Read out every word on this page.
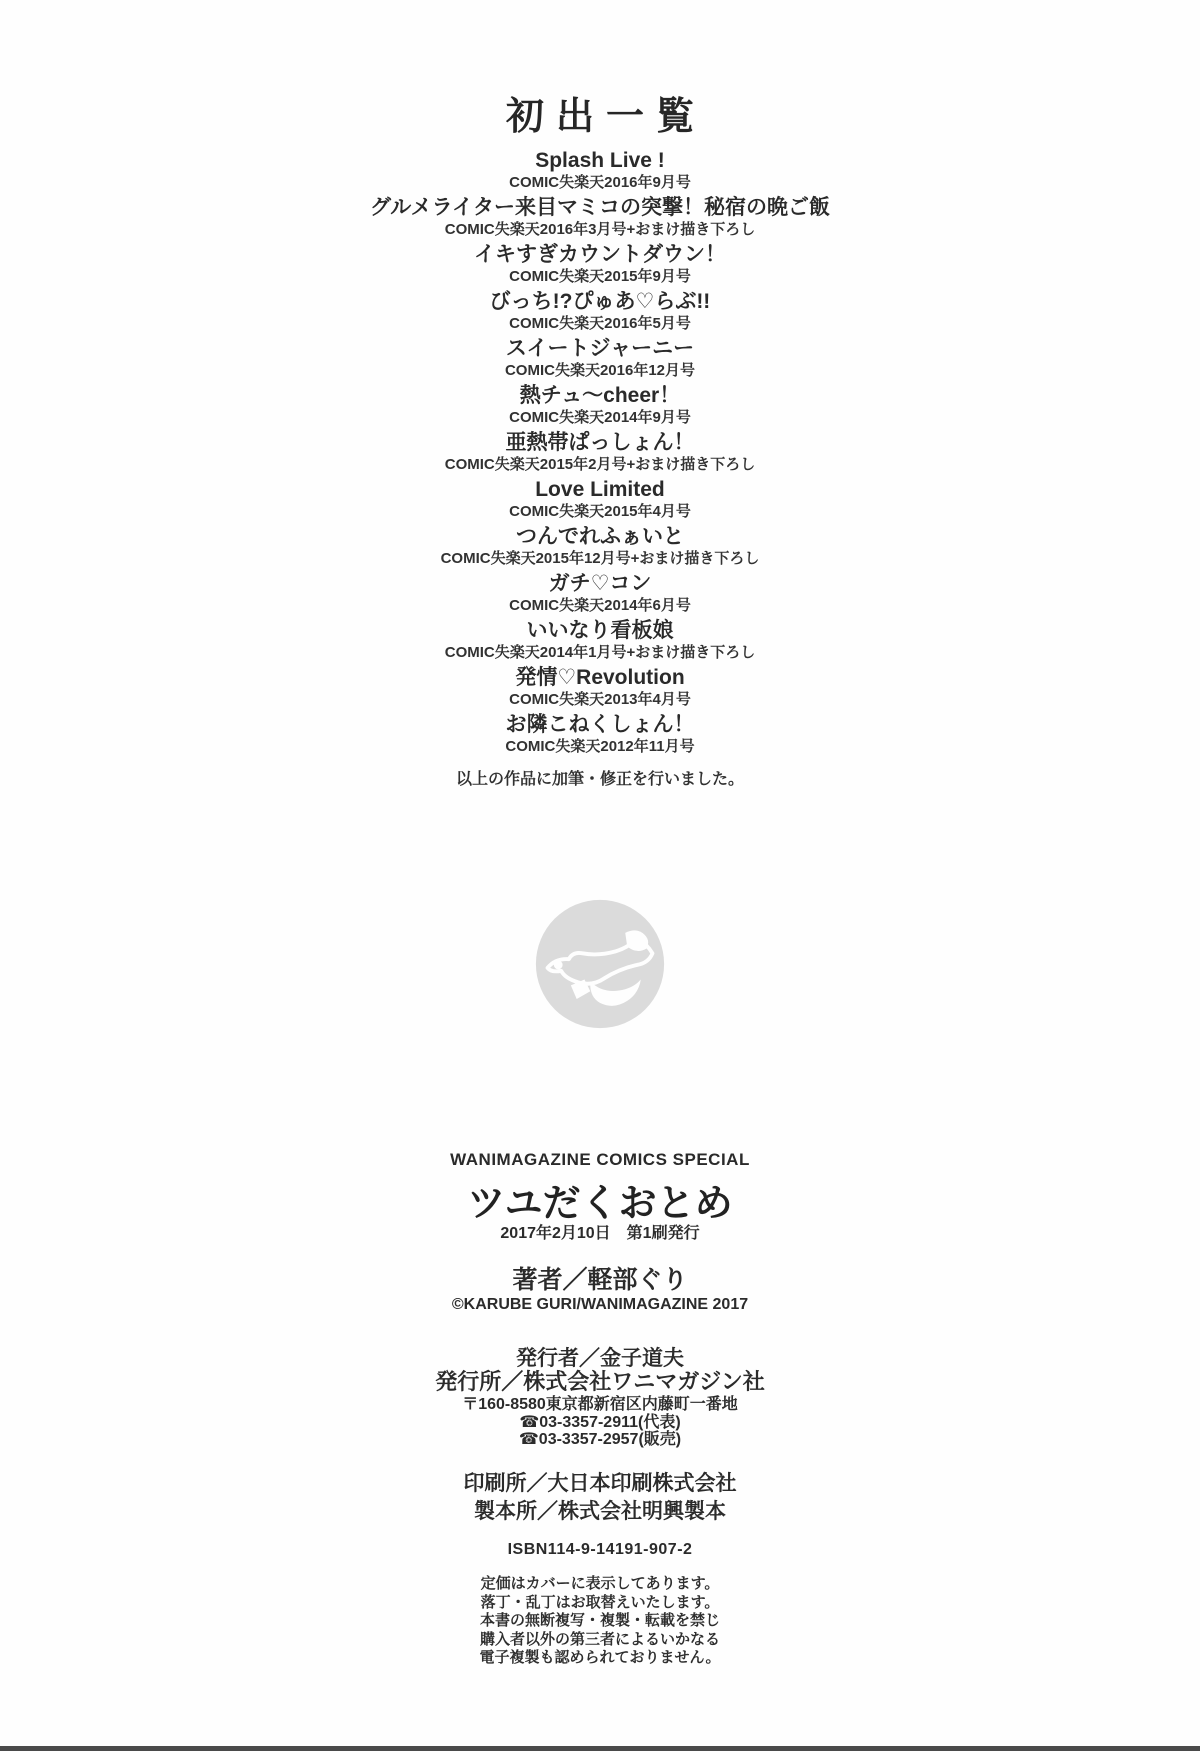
初出一覧
Splash Live !
COMIC失楽天2016年9月号
グルメライター来目マミコの突撃！秘宿の晩ご飯
COMIC失楽天2016年3月号+おまけ描き下ろし
イキすぎカウントダウン！
COMIC失楽天2015年9月号
びっち!?ぴゅあ♡らぶ!!
COMIC失楽天2016年5月号
スイートジャーニー
COMIC失楽天2016年12月号
熱チュ～cheer！
COMIC失楽天2014年9月号
亜熱帯ぱっしょん！
COMIC失楽天2015年2月号+おまけ描き下ろし
Love Limited
COMIC失楽天2015年4月号
つんでれふぁいと
COMIC失楽天2015年12月号+おまけ描き下ろし
ガチ♡コン
COMIC失楽天2014年6月号
いいなり看板娘
COMIC失楽天2014年1月号+おまけ描き下ろし
発情♡Revolution
COMIC失楽天2013年4月号
お隣こねくしょん！
COMIC失楽天2012年11月号
以上の作品に加筆・修正を行いました。
WANIMAGAZINE COMICS SPECIAL
ツユだくおとめ
2017年2月10日　第1刷発行
著者／軽部ぐり
©KARUBE GURI/WANIMAGAZINE 2017
発行者／金子道夫
発行所／株式会社ワニマガジン社
〒160-8580東京都新宿区内藤町一番地
☎03-3357-2911(代表)
☎03-3357-2957(販売)
印刷所／大日本印刷株式会社
製本所／株式会社明興製本
ISBN114-9-14191-907-2
定価はカバーに表示してあります。
落丁・乱丁はお取替えいたします。
本書の無断複写・複製・転載を禁じ
購入者以外の第三者によるいかなる
電子複製も認められておりません。
